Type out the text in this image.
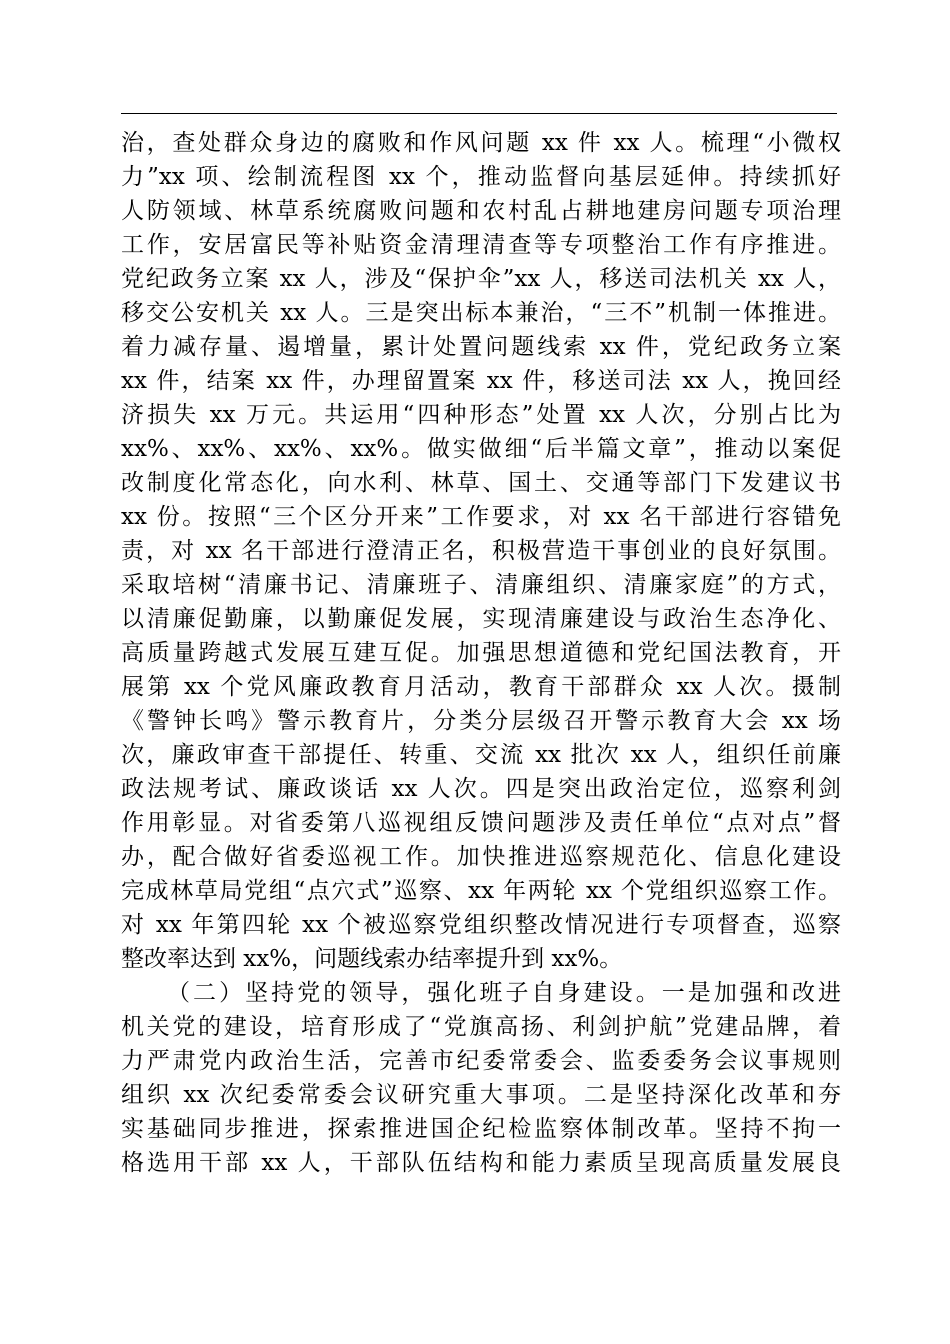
治，查处群众身边的腐败和作风问题 xx 件 xx 人。梳理“小微权
力”xx 项、绘制流程图 xx 个，推动监督向基层延伸。持续抓好
人防领域、林草系统腐败问题和农村乱占耕地建房问题专项治理
工作，安居富民等补贴资金清理清查等专项整治工作有序推进。
党纪政务立案 xx 人，涉及“保护伞”xx 人，移送司法机关 xx 人，
移交公安机关 xx 人。三是突出标本兼治，“三不”机制一体推进。
着力减存量、遏增量，累计处置问题线索 xx 件，党纪政务立案
xx 件，结案 xx 件，办理留置案 xx 件，移送司法 xx 人，挽回经
济损失 xx 万元。共运用“四种形态”处置 xx 人次，分别占比为
xx%、xx%、xx%、xx%。做实做细“后半篇文章”，推动以案促
改制度化常态化，向水利、林草、国土、交通等部门下发建议书
xx 份。按照“三个区分开来”工作要求，对 xx 名干部进行容错免
责，对 xx 名干部进行澄清正名，积极营造干事创业的良好氛围。
采取培树“清廉书记、清廉班子、清廉组织、清廉家庭”的方式，
以清廉促勤廉，以勤廉促发展，实现清廉建设与政治生态净化、
高质量跨越式发展互建互促。加强思想道德和党纪国法教育，开
展第 xx 个党风廉政教育月活动，教育干部群众 xx 人次。摄制
《警钟长鸣》警示教育片，分类分层级召开警示教育大会 xx 场
次，廉政审查干部提任、转重、交流 xx 批次 xx 人，组织任前廉
政法规考试、廉政谈话 xx 人次。四是突出政治定位，巡察利剑
作用彰显。对省委第八巡视组反馈问题涉及责任单位“点对点”督
办，配合做好省委巡视工作。加快推进巡察规范化、信息化建设
完成林草局党组“点穴式”巡察、xx 年两轮 xx 个党组织巡察工作。
对 xx 年第四轮 xx 个被巡察党组织整改情况进行专项督查，巡察
整改率达到 xx%，问题线索办结率提升到 xx%。
（二）坚持党的领导，强化班子自身建设。一是加强和改进
机关党的建设，培育形成了“党旗高扬、利剑护航”党建品牌，着
力严肃党内政治生活，完善市纪委常委会、监委委务会议事规则
组织 xx 次纪委常委会议研究重大事项。二是坚持深化改革和夯
实基础同步推进，探索推进国企纪检监察体制改革。坚持不拘一
格选用干部 xx 人，干部队伍结构和能力素质呈现高质量发展良
